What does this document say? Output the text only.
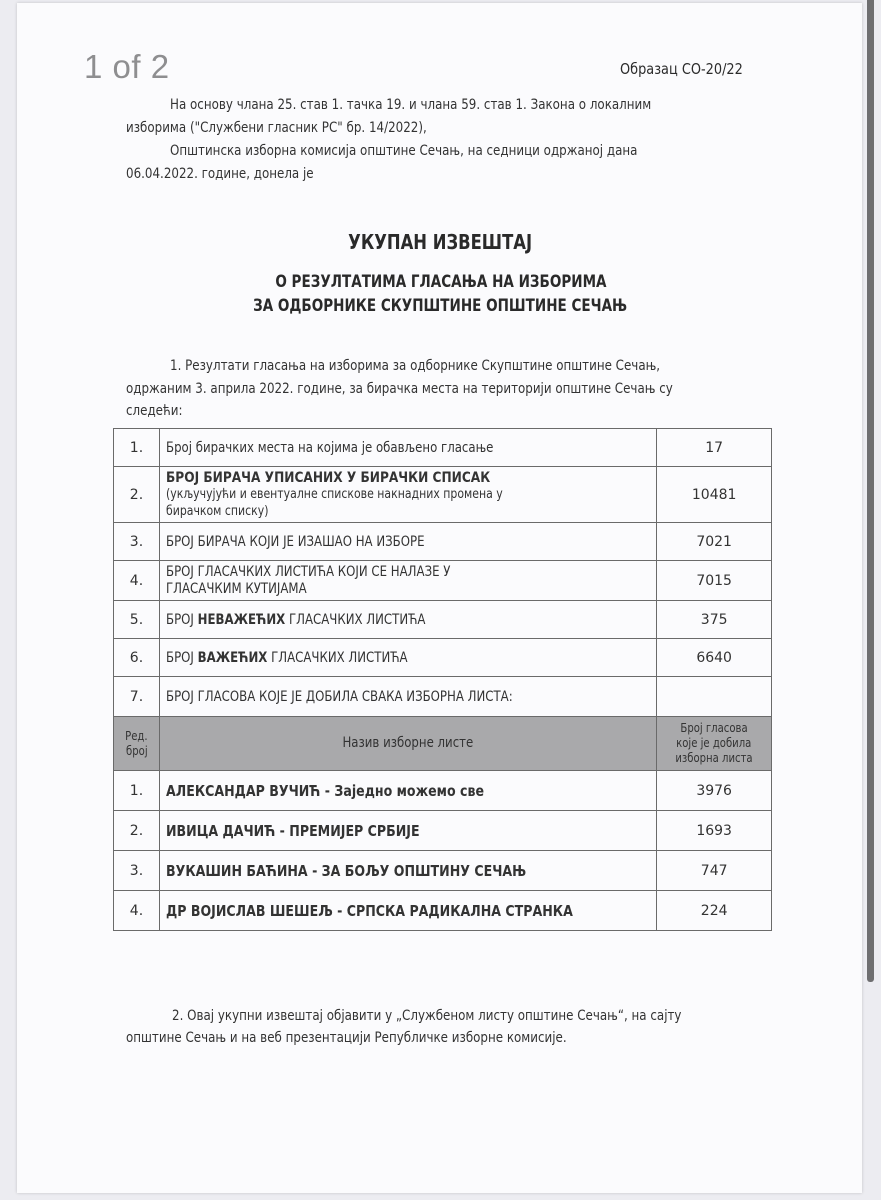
1 of 2	Образац СО-20/22
На основу члана 25. став 1. тачка 19. и члана 59. став 1. Закона о локалним
изборима ("Службени гласник РС" бр. 14/2022),
Општинска изборна комисија општине Сечањ, на седници одржаној дана
06.04.2022. године, донела је
УКУПАН ИЗВЕШТАЈ
О РЕЗУЛТАТИМА ГЛАСАЊА НА ИЗБОРИМА
ЗА ОДБОРНИКЕ СКУПШТИНЕ ОПШТИНЕ СЕЧАЊ
1. Резултати гласања на изборима за одборнике Скупштине општине Сечањ,
одржаним 3. априла 2022. године, за бирачка места на територији општине Сечањ су
следећи:
1.	Број бирачких места на којима је обављено гласање	17
2.	БРОЈ БИРАЧА УПИСАНИХ У БИРАЧКИ СПИСАК
(укључујући и евентуалне спискове накнадних промена у
бирачком списку)	10481
3.	БРОЈ БИРАЧА КОЈИ ЈЕ ИЗАШАО НА ИЗБОРЕ	7021
4.	БРОЈ ГЛАСАЧКИХ ЛИСТИЋА КОЈИ СЕ НАЛАЗЕ У
ГЛАСАЧКИМ КУТИЈАМА	7015
5.	БРОЈ НЕВАЖЕЋИХ ГЛАСАЧКИХ ЛИСТИЋА	375
6.	БРОЈ ВАЖЕЋИХ ГЛАСАЧКИХ ЛИСТИЋА	6640
7.	БРОЈ ГЛАСОВА КОЈЕ ЈЕ ДОБИЛА СВАКА ИЗБОРНА ЛИСТА:	
Ред.
број	Назив изборне листе	Број гласова
које је добила
изборна листа
1.	АЛЕКСАНДАР ВУЧИЋ - Заједно можемо све	3976
2.	ИВИЦА ДАЧИЋ - ПРЕМИЈЕР СРБИЈЕ	1693
3.	ВУКАШИН БАЋИНА - ЗА БОЉУ ОПШТИНУ СЕЧАЊ	747
4.	ДР ВОЈИСЛАВ ШЕШЕЉ - СРПСКА РАДИКАЛНА СТРАНКА	224
2. Овај укупни извештај објавити у „Службеном листу општине Сечањ“, на сајту
општине Сечањ и на веб презентацији Републичке изборне комисије.
